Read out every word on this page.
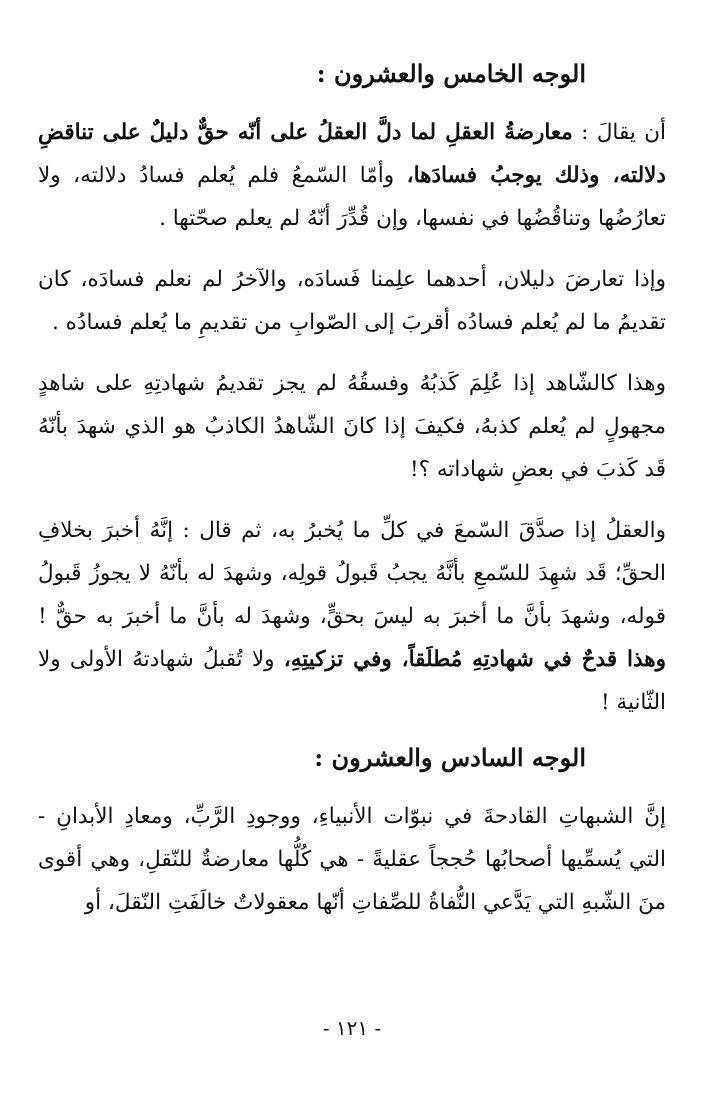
الوجه الخامس والعشرون :

أن يقالَ : معارضةُ العقلِ لما دلَّ العقلُ على أنّه حقٌّ دليلٌ على تناقضِ دلالته، وذلك يوجبُ فسادَها، وأمّا السّمعُ فلم يُعلم فسادُ دلالته، ولا تعارُضُها وتناقُضُها في نفسها، وإن قُدِّرَ أنّهُ لم يعلم صحّتها .

وإذا تعارضَ دليلان، أحدهما علِمنا فَسادَه، والآخرُ لم نعلم فسادَه، كان تقديمُ ما لم يُعلم فسادُه أقربَ إلى الصّوابِ من تقديمِ ما يُعلم فسادُه .

وهذا كالشّاهد إذا عُلِمَ كَذبُهُ وفسقُهُ لم يجز تقديمُ شهادتِهِ على شاهدٍ مجهولٍ لم يُعلم كذبهُ، فكيفَ إذا كانَ الشّاهدُ الكاذبُ هو الذي شهدَ بأنّهُ قَد كَذبَ في بعضِ شهاداته ؟!

والعقلُ إذا صدَّقَ السّمعَ في كلِّ ما يُخبرُ به، ثم قال : إنَّهُ أخبرَ بخلافِ الحقِّ؛ قَد شهِدَ للسّمعِ بأنَّهُ يجبُ قَبولُ قولِه، وشهدَ له بأنّهُ لا يجوزُ قَبولُ قوله، وشهدَ بأنَّ ما أخبرَ به ليسَ بحقٍّ، وشهدَ له بأنَّ ما أخبرَ به حقٌّ ! وهذا قدحٌ في شهادتِهِ مُطلَقاً، وفي تزكيتِهِ، ولا تُقبلُ شهادتهُ الأولى ولا الثّانية !

الوجه السادس والعشرون :

إنَّ الشبهاتِ القادحةَ في نبوّات الأنبياءِ، ووجودِ الرَّبِّ، ومعادِ الأبدانِ - التي يُسمِّيها أصحابُها حُججاً عقليةً - هي كُلُّها معارضةٌ للنّقلِ، وهي أقوى منَ الشّبهِ التي يَدَّعي النُّفاةُ للصِّفاتِ أنّها معقولاتٌ خالَفَتِ النّقلَ، أو

- ١٢١ -
